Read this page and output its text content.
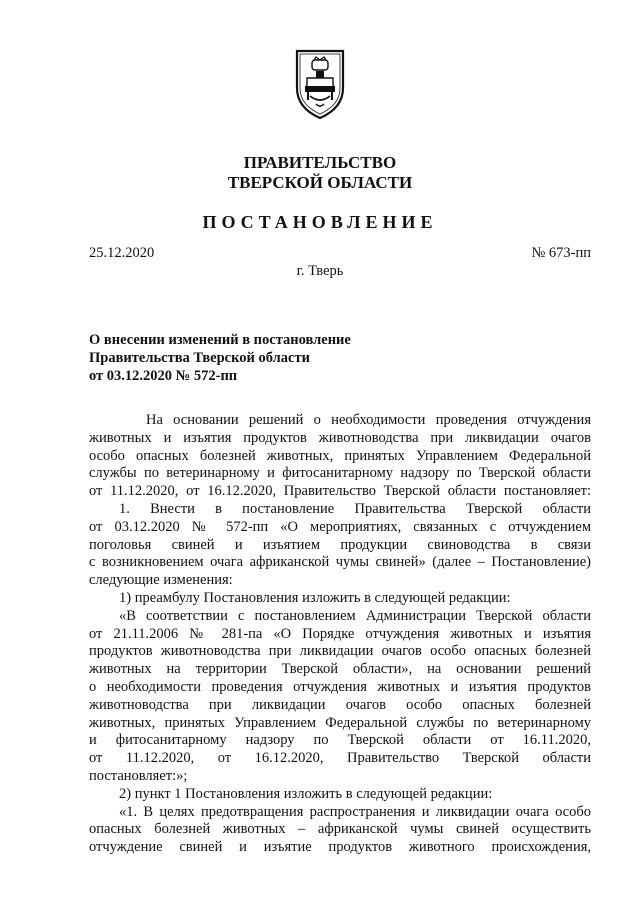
ПРАВИТЕЛЬСТВО
ТВЕРСКОЙ ОБЛАСТИ
ПОСТАНОВЛЕНИЕ
25.12.2020	№ 673-пп
г. Тверь
О внесении изменений в постановление
Правительства Тверской области
от 03.12.2020 № 572-пп
На основании решений о необходимости проведения отчуждения
животных и изъятия продуктов животноводства при ликвидации очагов
особо опасных болезней животных, принятых Управлением Федеральной
службы по ветеринарному и фитосанитарному надзору по Тверской области
от 11.12.2020, от 16.12.2020, Правительство Тверской области постановляет:
1. Внести в постановление Правительства Тверской области
от 03.12.2020 № 572-пп «О мероприятиях, связанных с отчуждением
поголовья свиней и изъятием продукции свиноводства в связи
с возникновением очага африканской чумы свиней» (далее – Постановление)
следующие изменения:
1) преамбулу Постановления изложить в следующей редакции:
«В соответствии с постановлением Администрации Тверской области
от 21.11.2006 № 281-па «О Порядке отчуждения животных и изъятия
продуктов животноводства при ликвидации очагов особо опасных болезней
животных на территории Тверской области», на основании решений
о необходимости проведения отчуждения животных и изъятия продуктов
животноводства при ликвидации очагов особо опасных болезней
животных, принятых Управлением Федеральной службы по ветеринарному
и фитосанитарному надзору по Тверской области от 16.11.2020,
от 11.12.2020, от 16.12.2020, Правительство Тверской области
постановляет:»;
2) пункт 1 Постановления изложить в следующей редакции:
«1. В целях предотвращения распространения и ликвидации очага особо
опасных болезней животных – африканской чумы свиней осуществить
отчуждение свиней и изъятие продуктов животного происхождения,
